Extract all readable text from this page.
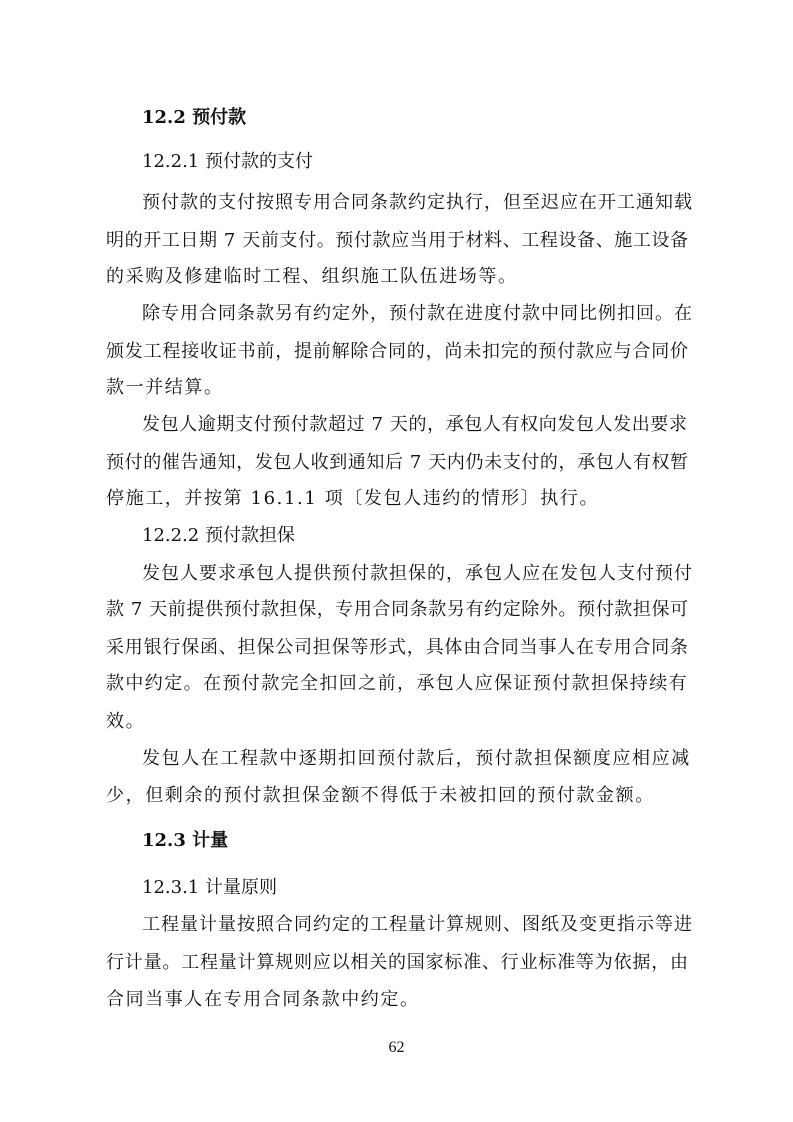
12.2 预付款
12.2.1 预付款的支付
预付款的支付按照专用合同条款约定执行，但至迟应在开工通知载
明的开工日期 7 天前支付。预付款应当用于材料、工程设备、施工设备
的采购及修建临时工程、组织施工队伍进场等。
除专用合同条款另有约定外，预付款在进度付款中同比例扣回。在
颁发工程接收证书前，提前解除合同的，尚未扣完的预付款应与合同价
款一并结算。
发包人逾期支付预付款超过 7 天的，承包人有权向发包人发出要求
预付的催告通知，发包人收到通知后 7 天内仍未支付的，承包人有权暂
停施工，并按第 16.1.1 项〔发包人违约的情形〕执行。
12.2.2 预付款担保
发包人要求承包人提供预付款担保的，承包人应在发包人支付预付
款 7 天前提供预付款担保，专用合同条款另有约定除外。预付款担保可
采用银行保函、担保公司担保等形式，具体由合同当事人在专用合同条
款中约定。在预付款完全扣回之前，承包人应保证预付款担保持续有
效。
发包人在工程款中逐期扣回预付款后，预付款担保额度应相应减
少，但剩余的预付款担保金额不得低于未被扣回的预付款金额。
12.3 计量
12.3.1 计量原则
工程量计量按照合同约定的工程量计算规则、图纸及变更指示等进
行计量。工程量计算规则应以相关的国家标准、行业标准等为依据，由
合同当事人在专用合同条款中约定。
62
